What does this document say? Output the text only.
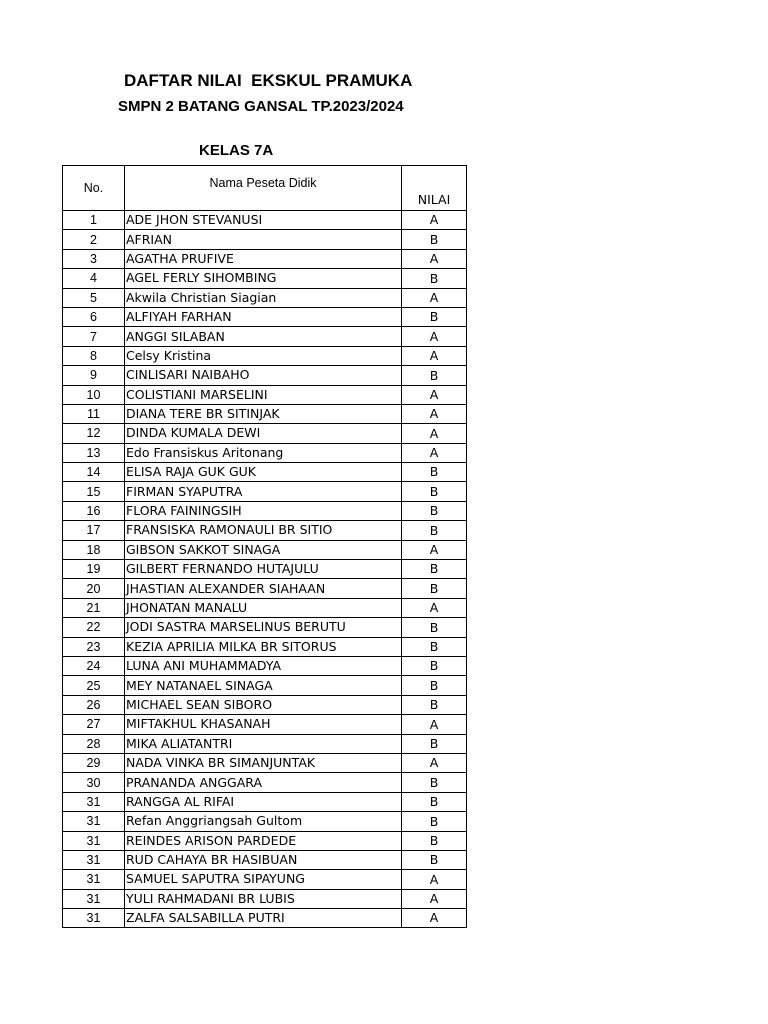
DAFTAR NILAI  EKSKUL PRAMUKA
SMPN 2 BATANG GANSAL TP.2023/2024
KELAS 7A
No.	Nama Peseta Didik	NILAI
1	ADE JHON STEVANUSI	A
2	AFRIAN	B
3	AGATHA PRUFIVE	A
4	AGEL FERLY SIHOMBING	B
5	Akwila Christian Siagian	A
6	ALFIYAH FARHAN	B
7	ANGGI SILABAN	A
8	Celsy Kristina	A
9	CINLISARI NAIBAHO	B
10	COLISTIANI MARSELINI	A
11	DIANA TERE BR SITINJAK	A
12	DINDA KUMALA DEWI	A
13	Edo Fransiskus Aritonang	A
14	ELISA RAJA GUK GUK	B
15	FIRMAN SYAPUTRA	B
16	FLORA FAININGSIH	B
17	FRANSISKA RAMONAULI BR SITIO	B
18	GIBSON SAKKOT SINAGA	A
19	GILBERT FERNANDO HUTAJULU	B
20	JHASTIAN ALEXANDER SIAHAAN	B
21	JHONATAN MANALU	A
22	JODI SASTRA MARSELINUS BERUTU	B
23	KEZIA APRILIA MILKA BR SITORUS	B
24	LUNA ANI MUHAMMADYA	B
25	MEY NATANAEL SINAGA	B
26	MICHAEL SEAN SIBORO	B
27	MIFTAKHUL KHASANAH	A
28	MIKA ALIATANTRI	B
29	NADA VINKA BR SIMANJUNTAK	A
30	PRANANDA ANGGARA	B
31	RANGGA AL RIFAI	B
31	Refan Anggriangsah Gultom	B
31	REINDES ARISON PARDEDE	B
31	RUD CAHAYA BR HASIBUAN	B
31	SAMUEL SAPUTRA SIPAYUNG	A
31	YULI RAHMADANI BR LUBIS	A
31	ZALFA SALSABILLA PUTRI	A
